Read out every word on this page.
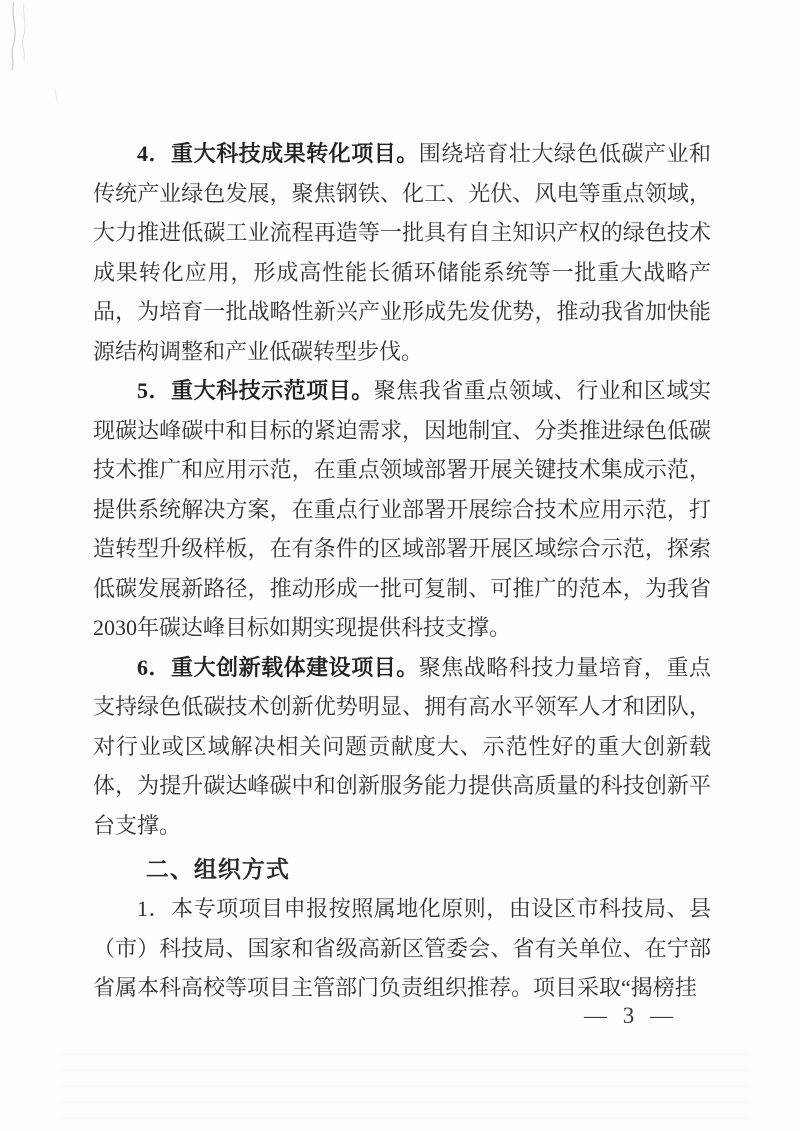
4．重大科技成果转化项目。围绕培育壮大绿色低碳产业和传统产业绿色发展，聚焦钢铁、化工、光伏、风电等重点领域，大力推进低碳工业流程再造等一批具有自主知识产权的绿色技术成果转化应用，形成高性能长循环储能系统等一批重大战略产品，为培育一批战略性新兴产业形成先发优势，推动我省加快能源结构调整和产业低碳转型步伐。

5．重大科技示范项目。聚焦我省重点领域、行业和区域实现碳达峰碳中和目标的紧迫需求，因地制宜、分类推进绿色低碳技术推广和应用示范，在重点领域部署开展关键技术集成示范，提供系统解决方案，在重点行业部署开展综合技术应用示范，打造转型升级样板，在有条件的区域部署开展区域综合示范，探索低碳发展新路径，推动形成一批可复制、可推广的范本，为我省2030年碳达峰目标如期实现提供科技支撑。

6．重大创新载体建设项目。聚焦战略科技力量培育，重点支持绿色低碳技术创新优势明显、拥有高水平领军人才和团队，对行业或区域解决相关问题贡献度大、示范性好的重大创新载体，为提升碳达峰碳中和创新服务能力提供高质量的科技创新平台支撑。

二、组织方式

1．本专项项目申报按照属地化原则，由设区市科技局、县（市）科技局、国家和省级高新区管委会、省有关单位、在宁部省属本科高校等项目主管部门负责组织推荐。项目采取“揭榜挂

— 3 —
